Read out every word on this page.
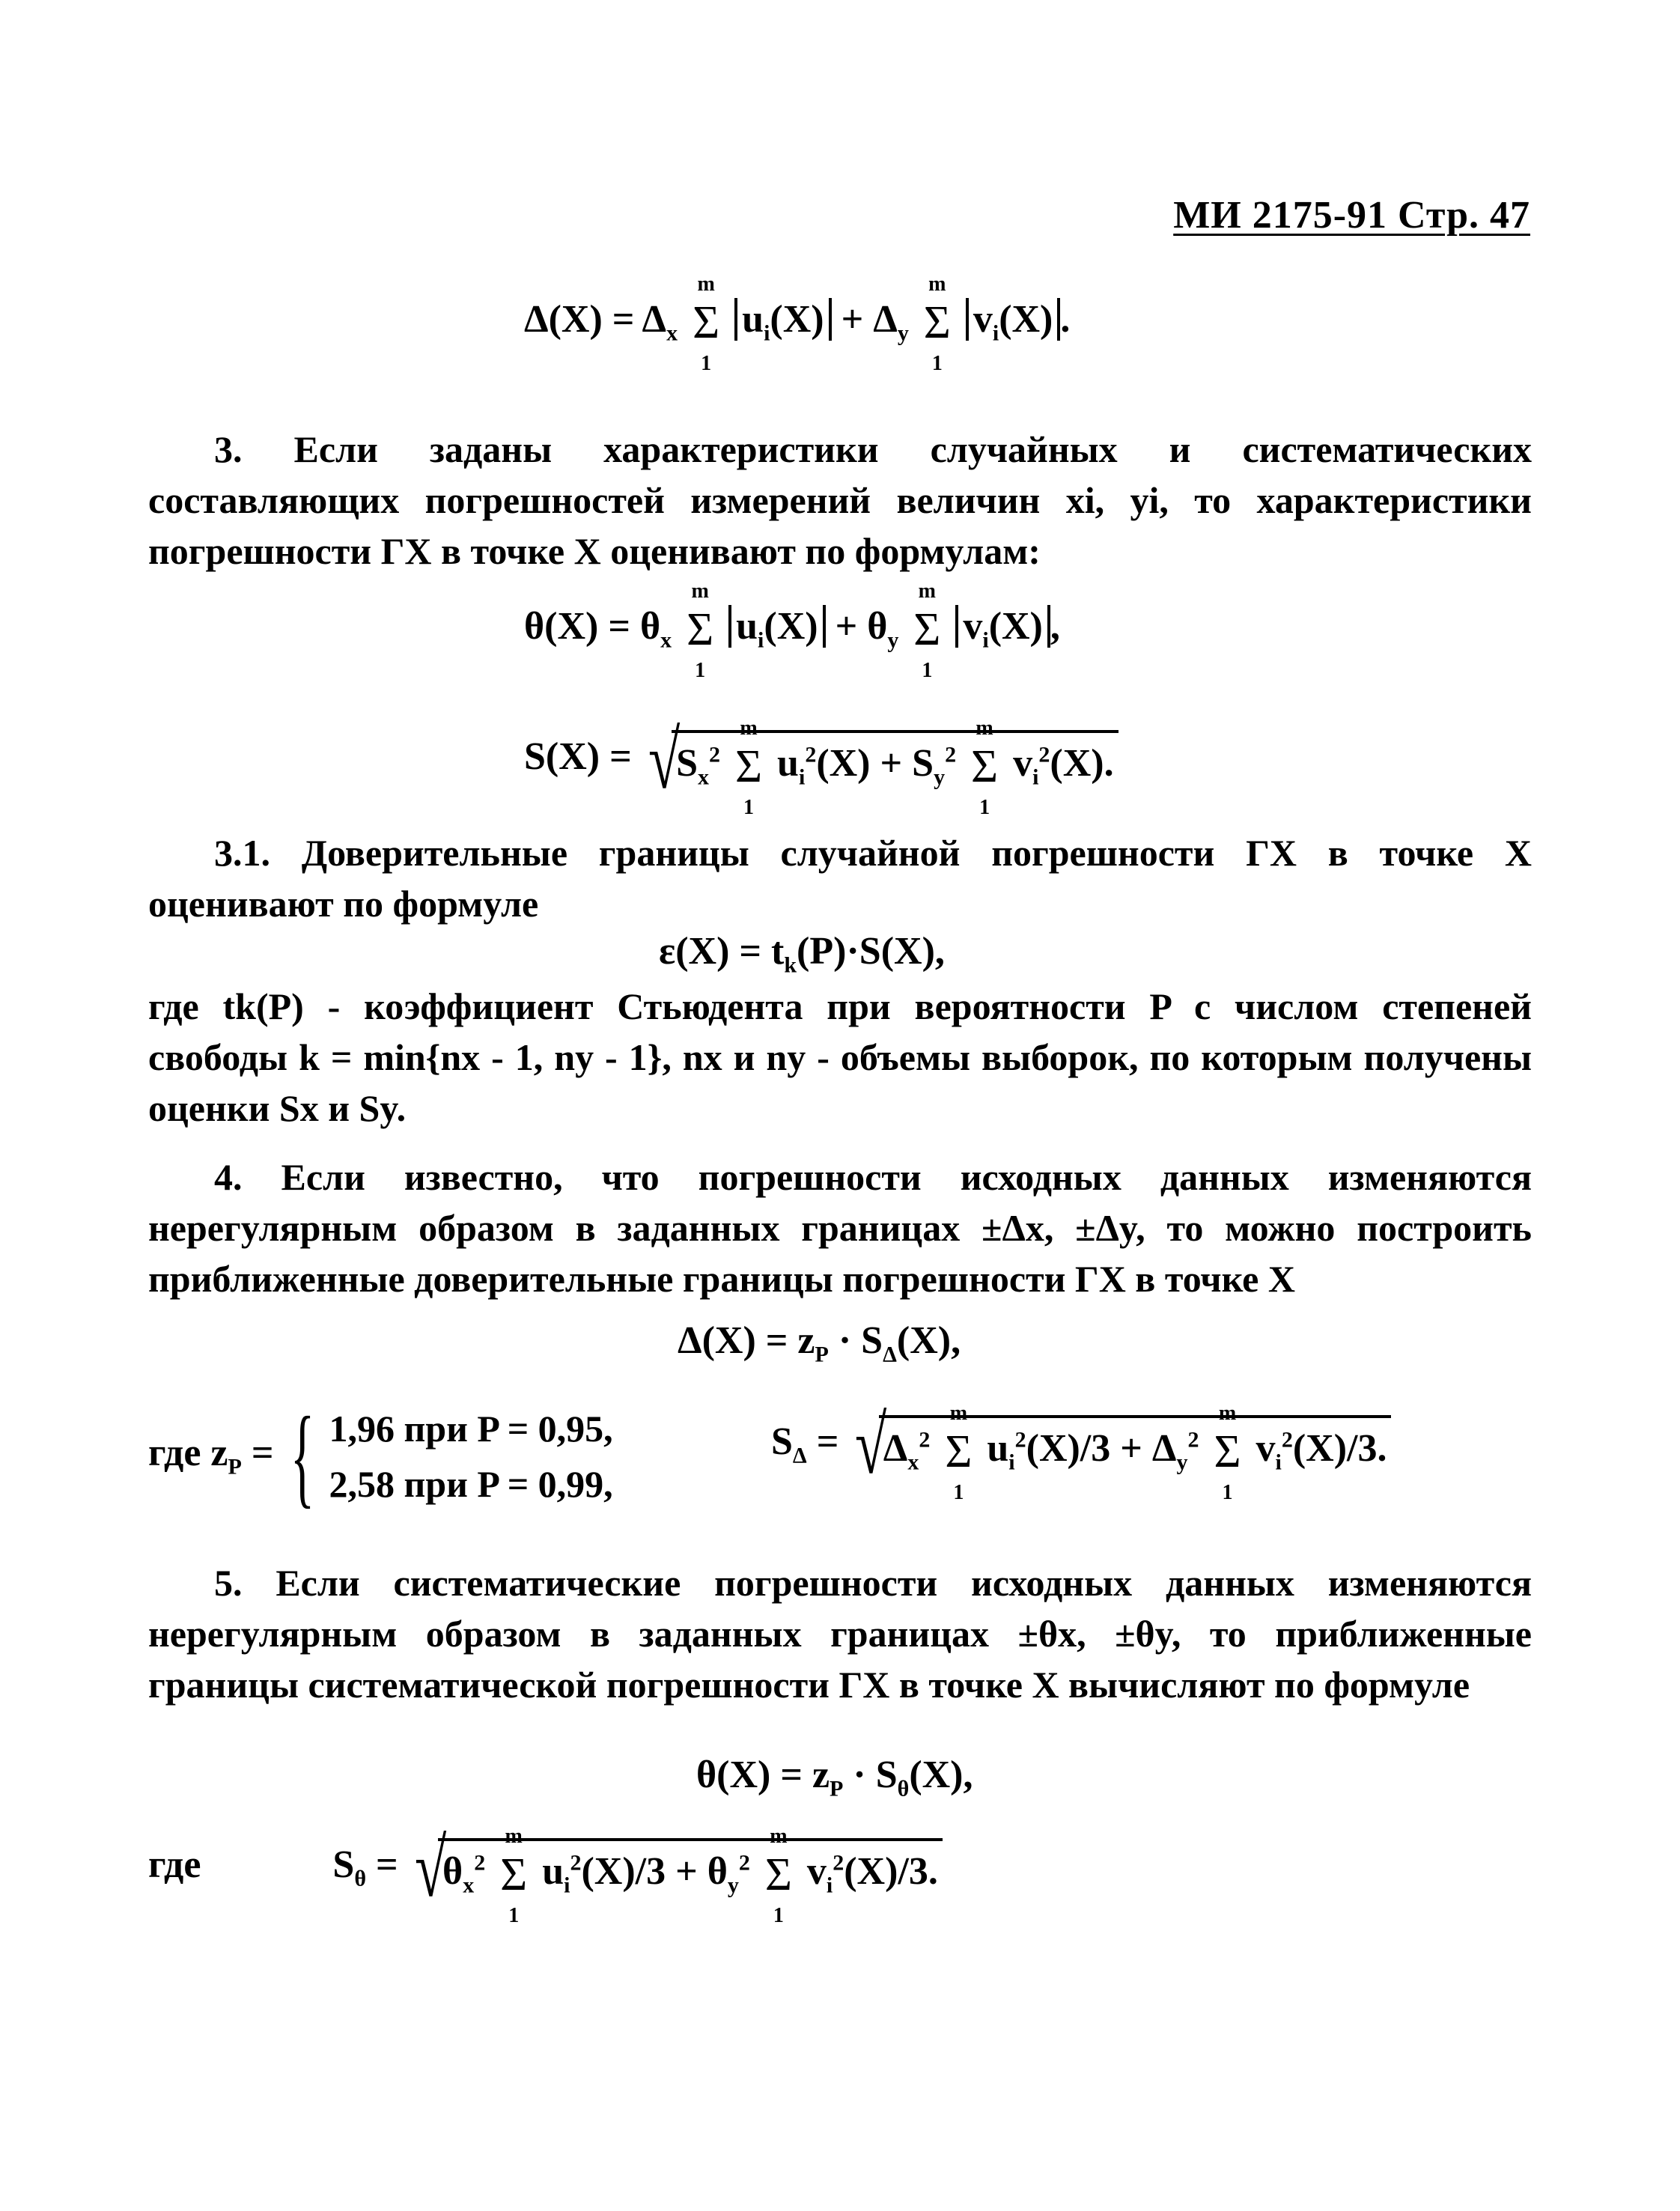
МИ 2175-91 Стр. 47
$\Delta(X) = \Delta_x$
m
Σ
1
$u_i(X) + \Delta_y$
m
Σ
1
$v_i(X)$ .

3. Если заданы характеристики случайных и систематических составляющих погрешностей измерений величин xi, yi, то характеристики погрешности ГХ в точке X оценивают по формулам:

$\theta(X) = \theta_x$
m
Σ
1
$u_i(X) + \theta_y$
m
Σ
1
$v_i(X)$ ,
$S(X) = √S_x^2$
m
Σ
1
$u_i^2(X) + S_y^2$
m
Σ
1
$v_i^2(X)$.

3.1. Доверительные границы случайной погрешности ГХ в точке X оценивают по формуле

$\varepsilon(X) = t_k(P)\cdot S(X)$,

где tk(P) - коэффициент Стьюдента при вероятности P с числом степеней свободы k = min{nx - 1, ny - 1}, nx и ny - объемы выборок, по которым получены оценки Sx и Sy.

4. Если известно, что погрешности исходных данных изменяются нерегулярным образом в заданных границах ±Δx, ±Δy, то можно построить приближенные доверительные границы погрешности ГХ в точке X

$\Delta(X) = z_P \cdot S_\Delta(X)$,
где $z_P$ = { 1,96 при P = 0,95,
2,58 при P = 0,99,
$S_\Delta = √\Delta_x^2$
m
Σ
1
$u_i^2(X)/3 + \Delta_y^2$
m
Σ
1
$v_i^2(X)/3$.

5. Если систематические погрешности исходных данных изменяются нерегулярным образом в заданных границах ±θx, ±θy, то приближенные границы систематической погрешности ГХ в точке X вычисляют по формуле

$\theta(X) = z_P \cdot S_\theta(X)$,
где	$S_\theta = √\theta_x^2$
m
Σ
1
$u_i^2(X)/3 + \theta_y^2$
m
Σ
1
$v_i^2(X)/3$.
